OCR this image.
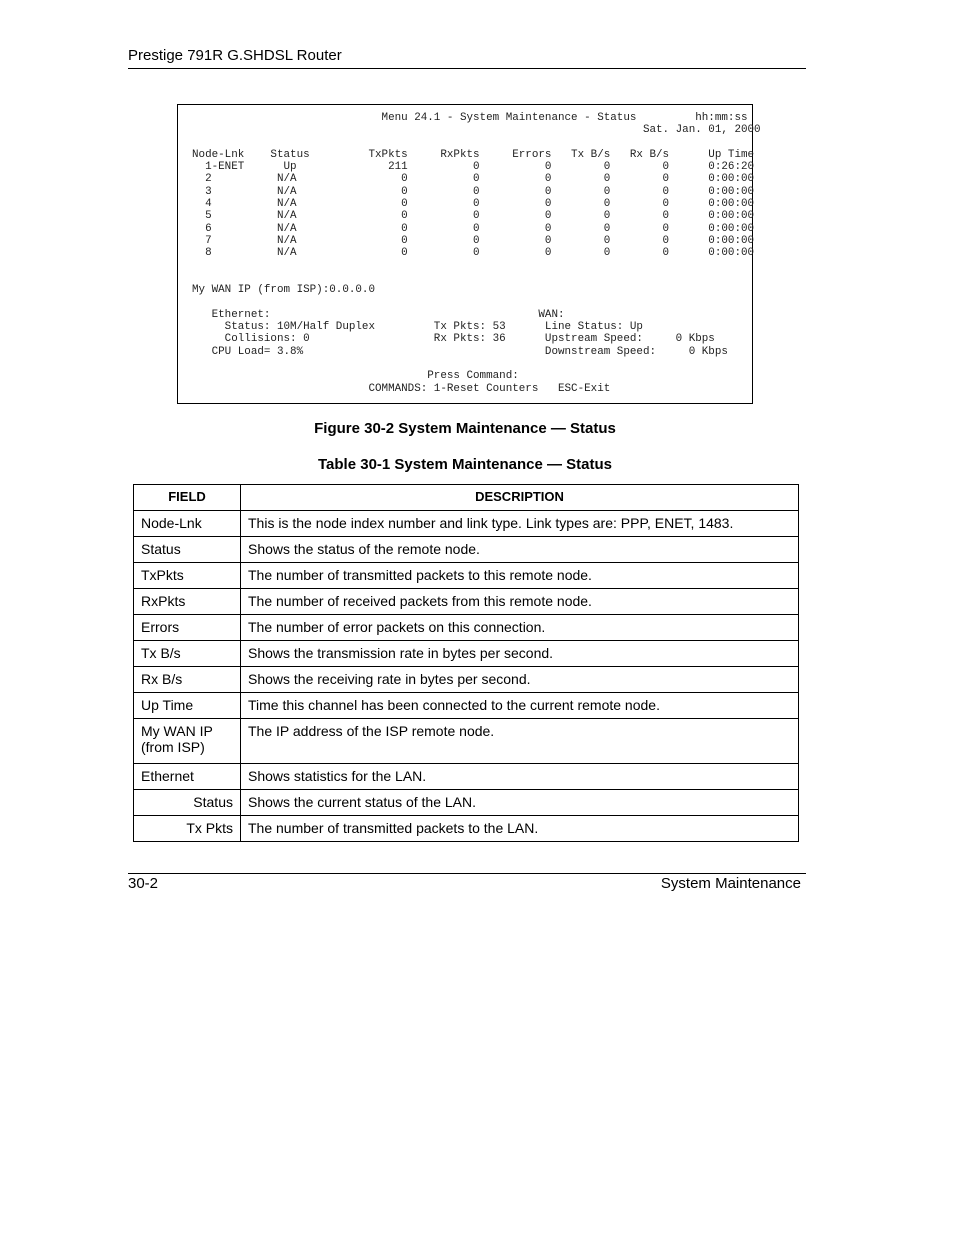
Prestige 791R G.SHDSL Router
Menu 24.1 - System Maintenance - Status         hh:mm:ss
Sat. Jan. 01, 2000

Node-Lnk    Status         TxPkts     RxPkts     Errors   Tx B/s   Rx B/s      Up Time
1-ENET      Up              211          0          0        0        0      0:26:20
2          N/A                0          0          0        0        0      0:00:00
3          N/A                0          0          0        0        0      0:00:00
4          N/A                0          0          0        0        0      0:00:00
5          N/A                0          0          0        0        0      0:00:00
6          N/A                0          0          0        0        0      0:00:00
7          N/A                0          0          0        0        0      0:00:00
8          N/A                0          0          0        0        0      0:00:00

My WAN IP (from ISP):0.0.0.0

Ethernet:                                         WAN:
Status: 10M/Half Duplex         Tx Pkts: 53      Line Status: Up
Collisions: 0                   Rx Pkts: 36      Upstream Speed:     0 Kbps
CPU Load= 3.8%                                     Downstream Speed:     0 Kbps

Press Command:
COMMANDS: 1-Reset Counters   ESC-Exit
Figure 30-2 System Maintenance — Status
Table 30-1 System Maintenance — Status
FIELD	DESCRIPTION
Node-Lnk	This is the node index number and link type. Link types are: PPP, ENET, 1483.
Status	Shows the status of the remote node.
TxPkts	The number of transmitted packets to this remote node.
RxPkts	The number of received packets from this remote node.
Errors	The number of error packets on this connection.
Tx B/s	Shows the transmission rate in bytes per second.
Rx B/s	Shows the receiving rate in bytes per second.
Up Time	Time this channel has been connected to the current remote node.
My WAN IP (from ISP)	The IP address of the ISP remote node.
Ethernet	Shows statistics for the LAN.
Status	Shows the current status of the LAN.
Tx Pkts	The number of transmitted packets to the LAN.
30-2	System Maintenance
